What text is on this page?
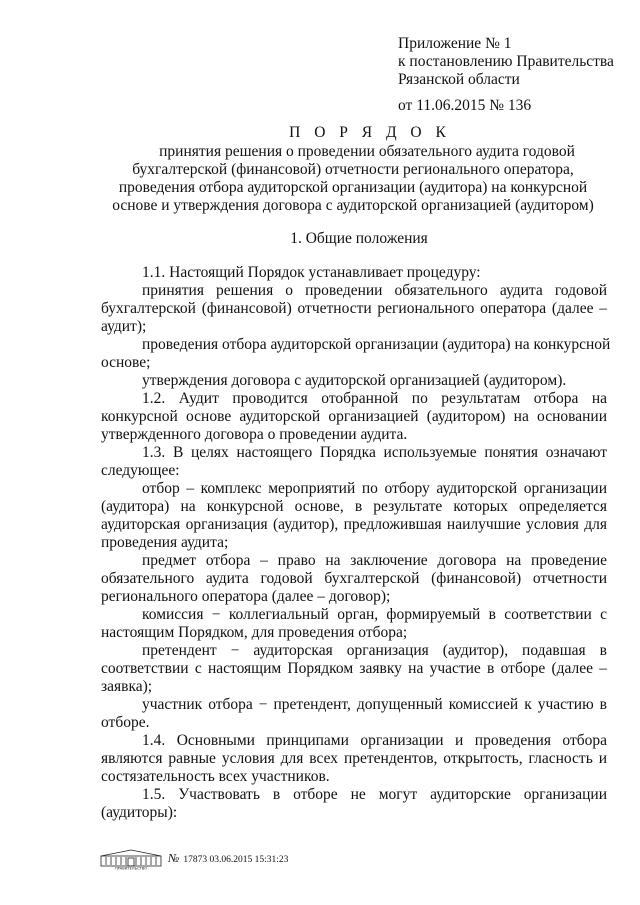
Приложение № 1
к постановлению Правительства
Рязанской области
от 11.06.2015 № 136
П О Р Я Д О К
принятия решения о проведении обязательного аудита годовой
бухгалтерской (финансовой) отчетности регионального оператора,
проведения отбора аудиторской организации (аудитора) на конкурсной
основе и утверждения договора с аудиторской организацией (аудитором)
1. Общие положения
1.1. Настоящий Порядок устанавливает процедуру:
принятия решения о проведении обязательного аудита годовой
бухгалтерской (финансовой) отчетности регионального оператора (далее –
аудит);
проведения отбора аудиторской организации (аудитора) на конкурсной
основе;
утверждения договора с аудиторской организацией (аудитором).
1.2. Аудит проводится отобранной по результатам отбора на
конкурсной основе аудиторской организацией (аудитором) на основании
утвержденного договора о проведении аудита.
1.3. В целях настоящего Порядка используемые понятия означают
следующее:
отбор – комплекс мероприятий по отбору аудиторской организации
(аудитора) на конкурсной основе, в результате которых определяется
аудиторская организация (аудитор), предложившая наилучшие условия для
проведения аудита;
предмет отбора – право на заключение договора на проведение
обязательного аудита годовой бухгалтерской (финансовой) отчетности
регионального оператора (далее – договор);
комиссия − коллегиальный орган, формируемый в соответствии с
настоящим Порядком, для проведения отбора;
претендент − аудиторская организация (аудитор), подавшая в
соответствии с настоящим Порядком заявку на участие в отборе (далее –
заявка);
участник отбора − претендент, допущенный комиссией к участию в
отборе.
1.4. Основными принципами организации и проведения отбора
являются равные условия для всех претендентов, открытость, гласность и
состязательность всех участников.
1.5. Участвовать в отборе не могут аудиторские организации
(аудиторы):
ПРАВИТЕЛЬСТВО
№ 17873 03.06.2015 15:31:23
